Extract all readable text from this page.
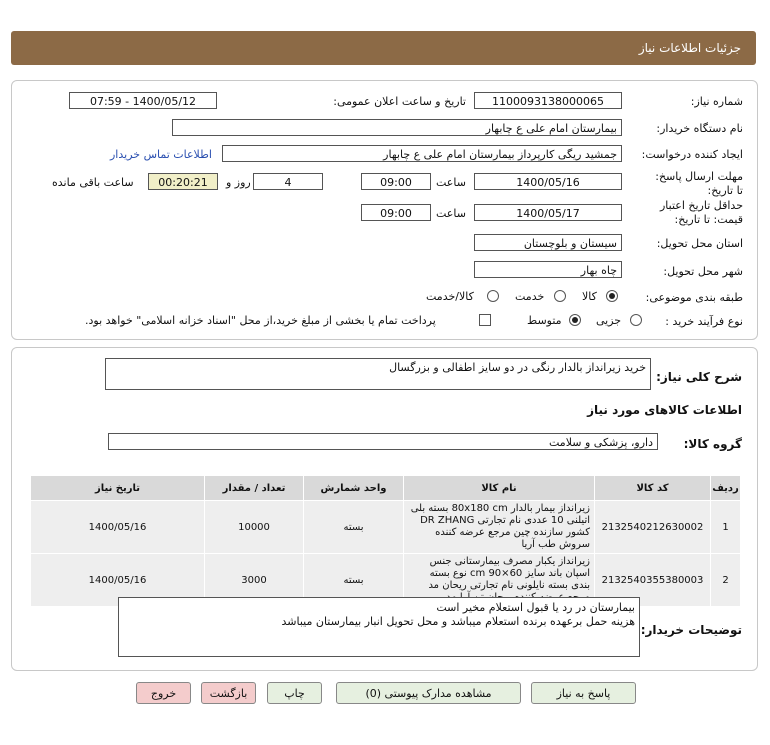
جزئیات اطلاعات نیاز
شماره نیاز:
1100093138000065
تاریخ و ساعت اعلان عمومی:
1400/05/12 - 07:59
نام دستگاه خریدار:
بیمارستان امام علی ع چابهار
ایجاد کننده درخواست:
جمشید ریگی کارپرداز بیمارستان امام علی ع چابهار
اطلاعات تماس خریدار
مهلت ارسال پاسخ: تا تاریخ:
1400/05/16
ساعت
09:00
4
روز و
00:20:21
ساعت باقی مانده
حداقل تاریخ اعتبار قیمت: تا تاریخ:
1400/05/17
ساعت
09:00
استان محل تحویل:
سیستان و بلوچستان
شهر محل تحویل:
چاه بهار
طبقه بندی موضوعی:
کالا
خدمت
کالا/خدمت
نوع فرآیند خرید :
جزیی
متوسط
پرداخت تمام یا بخشی از مبلغ خرید،از محل "اسناد خزانه اسلامی" خواهد بود.
شرح کلی نیاز:
خرید زیرانداز بالدار رنگی در دو سایز اطفالی و بزرگسال
اطلاعات کالاهای مورد نیاز
گروه کالا:
دارو، پزشکی و سلامت
ردیف	کد کالا	نام کالا	واحد شمارش	تعداد / مقدار	تاریخ نیاز
1	2132540212630002	زیرانداز بیمار بالدار 80x180 cm بسته بلی اتیلنی 10 عددی نام تجارتی DR ZHANG کشور سازنده چین مرجع عرضه کننده سروش طب آریا	بسته	10000	1400/05/16
2	2132540355380003	زیرانداز یکبار مصرف بیمارستانی جنس اسپان باند سایز 60×90 cm نوع بسته بندی بسته نایلونی نام تجارتی ریحان مد	بسته	3000	1400/05/16
توضیحات خریدار:
بیمارستان در رد یا قبول استعلام مخیر است
هزینه حمل برعهده برنده استعلام میباشد و محل تحویل انبار بیمارستان میباشد
پاسخ به نیاز
مشاهده مدارک پیوستی (0)
چاپ
بازگشت
خروج
